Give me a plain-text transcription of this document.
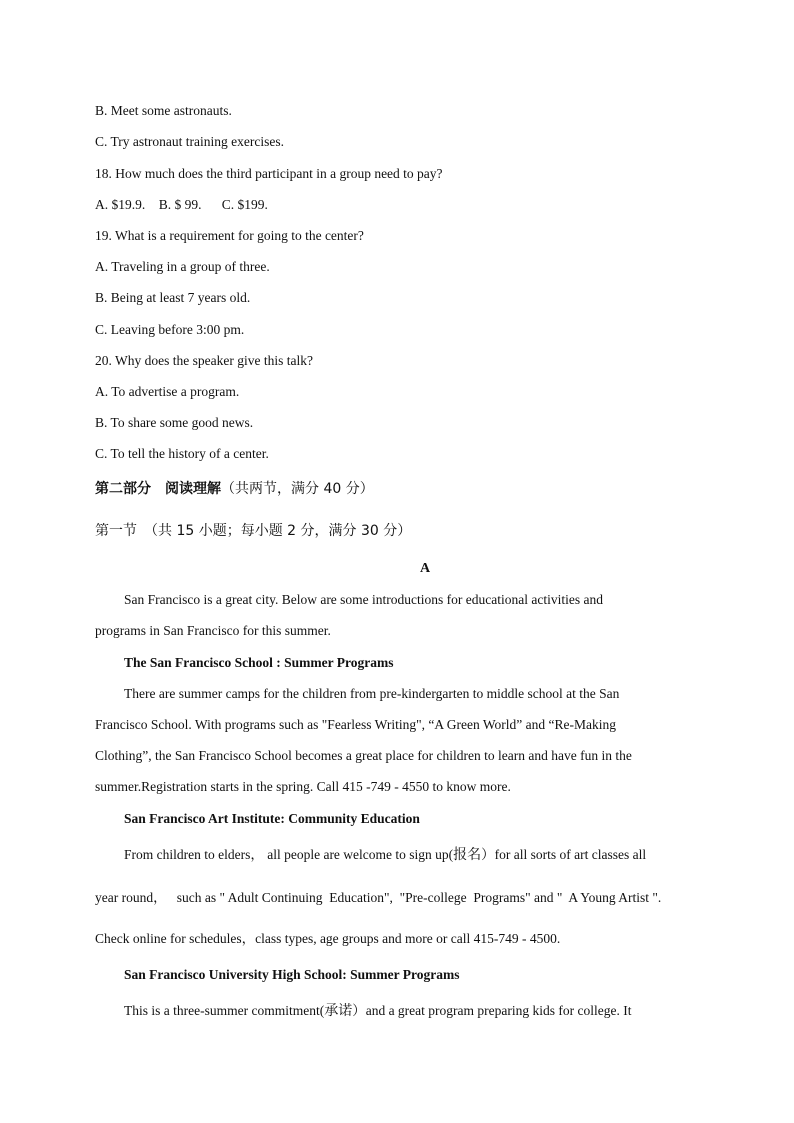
B. Meet some astronauts.
C. Try astronaut training exercises.
18. How much does the third participant in a group need to pay?
A. $19.9.    B. $ 99.      C. $199.
19. What is a requirement for going to the center?
A. Traveling in a group of three.
B. Being at least 7 years old.
C. Leaving before 3:00 pm.
20. Why does the speaker give this talk?
A. To advertise a program.
B. To share some good news.
C. To tell the history of a center.
第二部分　阅读理解（共两节，满分 40 分）
第一节　（共 15 小题；每小题 2 分，满分 30 分）
A
San Francisco is a great city. Below are some introductions for educational activities and
programs in San Francisco for this summer.
The San Francisco School : Summer Programs
There are summer camps for the children from pre-kindergarten to middle school at the San
Francisco School. With programs such as "Fearless Writing", “A Green World” and “Re-Making
Clothing”, the San Francisco School becomes a great place for children to learn and have fun in the
summer.Registration starts in the spring. Call 415 -749 - 4550 to know more.
San Francisco Art Institute: Community Education
From children to elders， all people are welcome to sign up(报名）for all sorts of art classes all
year round，   such as " Adult Continuing  Education",  "Pre-college  Programs" and "  A Young Artist ".
Check online for schedules，class types, age groups and more or call 415-749 - 4500.
San Francisco University High School: Summer Programs
This is a three-summer commitment(承诺）and a great program preparing kids for college. It
